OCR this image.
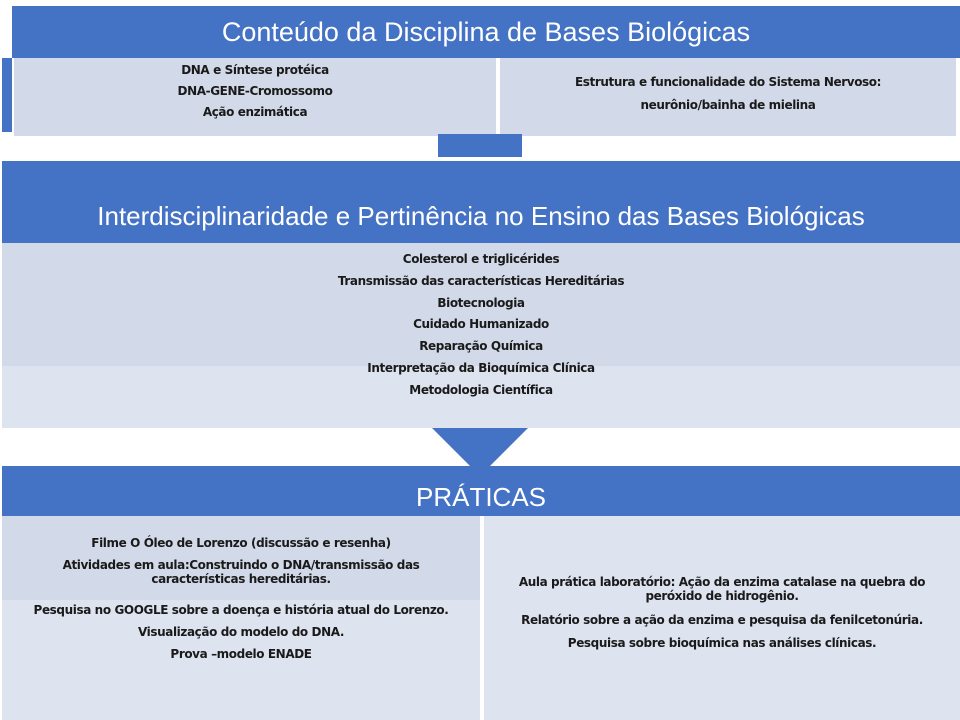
Conteúdo da Disciplina de Bases Biológicas
DNA e Síntese protéica
DNA-GENE-Cromossomo
Ação enzimática
Estrutura e funcionalidade do Sistema Nervoso:
neurônio/bainha de mielina
Interdisciplinaridade e Pertinência no Ensino das Bases Biológicas
Colesterol e triglicérides
Transmissão das características Hereditárias
Biotecnologia
Cuidado Humanizado
Reparação Química
Interpretação da Bioquímica Clínica
Metodologia Científica
PRÁTICAS
Filme O Óleo de Lorenzo (discussão e resenha)
Atividades em aula:Construindo o DNA/transmissão das características hereditárias.
Pesquisa no GOOGLE sobre a doença e história atual do Lorenzo.
Visualização do modelo do DNA.
Prova –modelo ENADE
Aula prática laboratório: Ação da enzima catalase na quebra do peróxido de hidrogênio.
Relatório sobre a ação da enzima e pesquisa da fenilcetonúria.
Pesquisa sobre bioquímica nas análises clínicas.
